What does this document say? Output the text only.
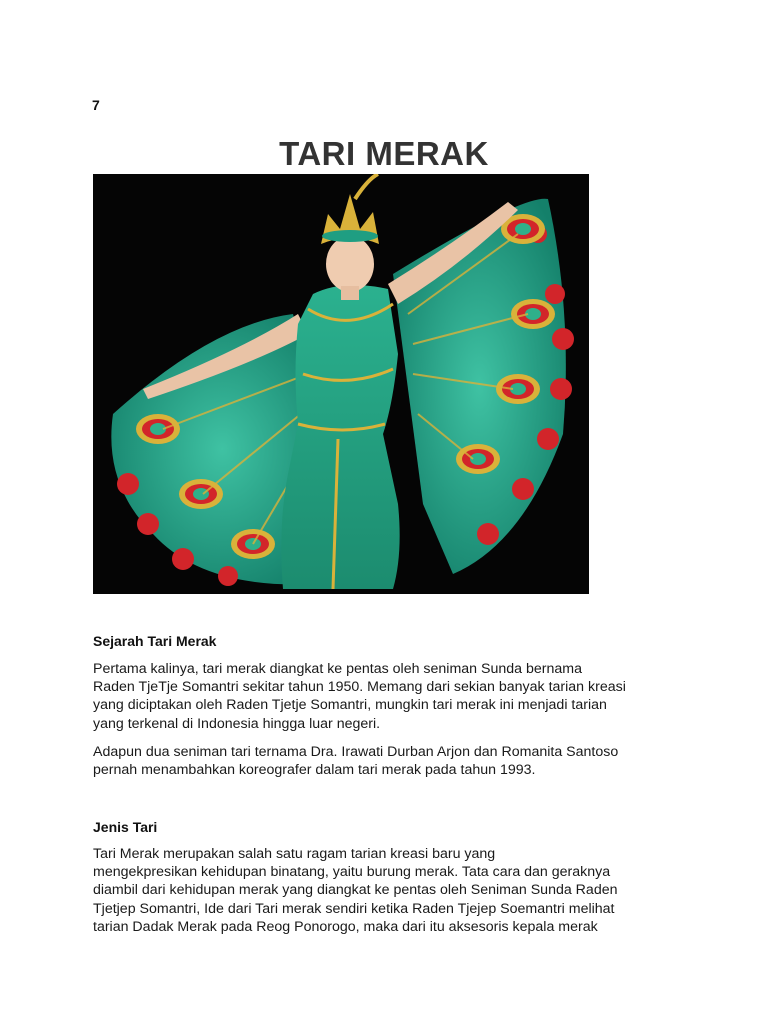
7
TARI MERAK
Sejarah Tari Merak
Pertama kalinya, tari merak diangkat ke pentas oleh seniman Sunda bernama
Raden TjeTje Somantri sekitar tahun 1950. Memang dari sekian banyak tarian kreasi
yang diciptakan oleh Raden Tjetje Somantri, mungkin tari merak ini menjadi tarian
yang terkenal di Indonesia hingga luar negeri.
Adapun dua seniman tari ternama Dra. Irawati Durban Arjon dan Romanita Santoso
pernah menambahkan koreografer dalam tari merak pada tahun 1993.
Jenis Tari
Tari Merak merupakan salah satu ragam tarian kreasi baru yang
mengekpresikan kehidupan binatang, yaitu burung merak. Tata cara dan geraknya
diambil dari kehidupan merak yang diangkat ke pentas oleh Seniman Sunda Raden
Tjetjep Somantri, Ide dari Tari merak sendiri ketika Raden Tjejep Soemantri melihat
tarian Dadak Merak pada Reog Ponorogo, maka dari itu aksesoris kepala merak
